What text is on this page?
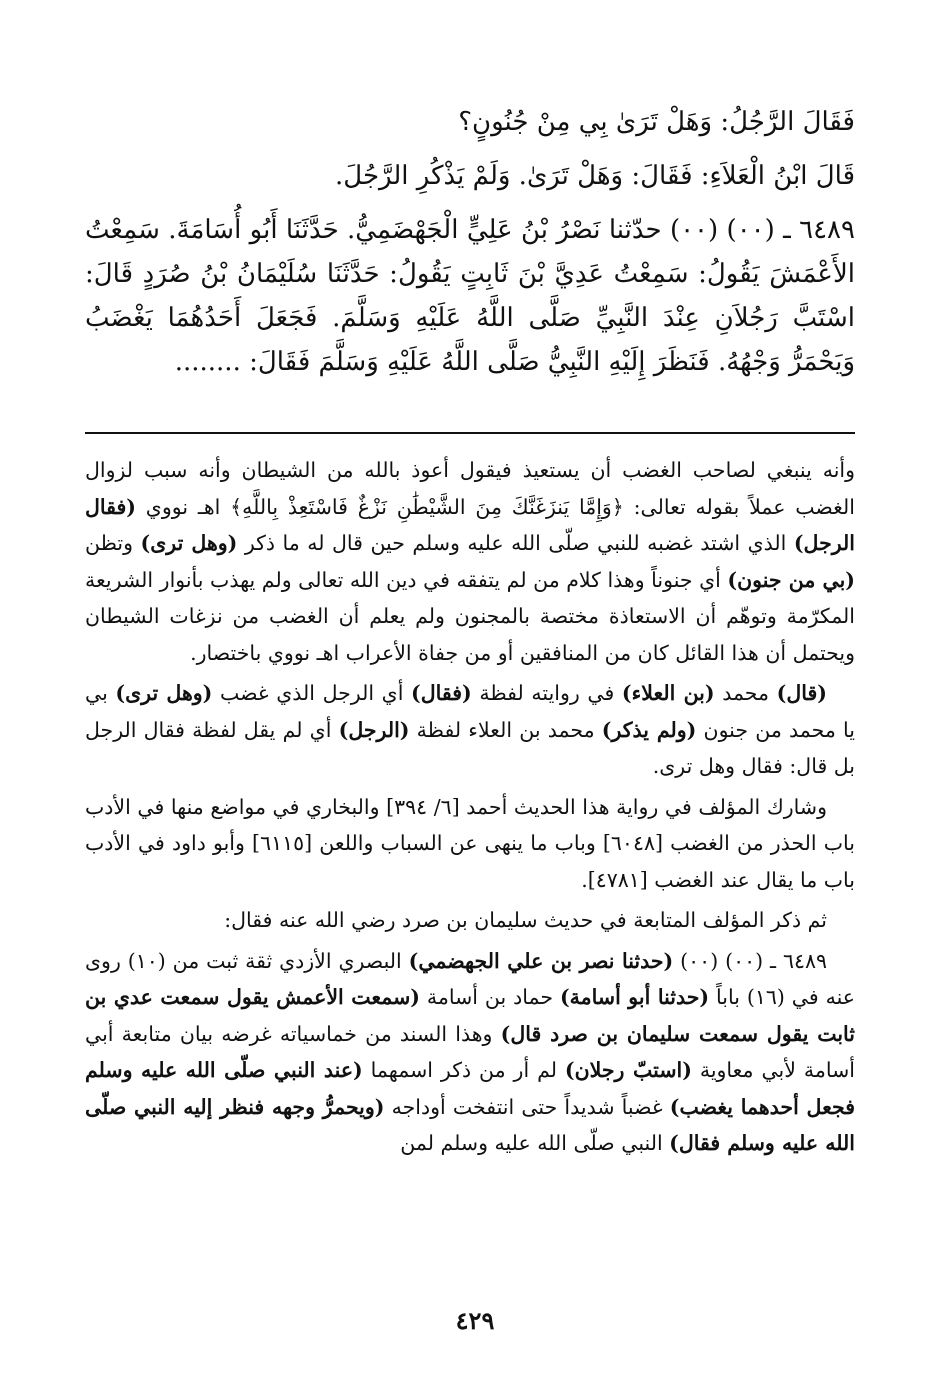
فَقَالَ الرَّجُلُ: وَهَلْ تَرَىٰ بِي مِنْ جُنُونٍ؟

قَالَ ابْنُ الْعَلاَءِ: فَقَالَ: وَهَلْ تَرَىٰ. وَلَمْ يَذْكُرِ الرَّجُلَ.

٦٤٨٩ ـ (٠٠) (٠٠) حدّثنا نَصْرُ بْنُ عَلِيٍّ الْجَهْضَمِيُّ. حَدَّثَنَا أَبُو أُسَامَةَ. سَمِعْتُ الأَعْمَشَ يَقُولُ: سَمِعْتُ عَدِيَّ بْنَ ثَابِتٍ يَقُولُ: حَدَّثَنَا سُلَيْمَانُ بْنُ صُرَدٍ قَالَ: اسْتَبَّ رَجُلاَنِ عِنْدَ النَّبِيِّ صَلَّى اللَّهُ عَلَيْهِ وَسَلَّمَ. فَجَعَلَ أَحَدُهُمَا يَغْضَبُ وَيَحْمَرُّ وَجْهُهُ. فَنَظَرَ إِلَيْهِ النَّبِيُّ صَلَّى اللَّهُ عَلَيْهِ وَسَلَّمَ فَقَالَ: ........

وأنه ينبغي لصاحب الغضب أن يستعيذ فيقول أعوذ بالله من الشيطان وأنه سبب لزوال الغضب عملاً بقوله تعالى: ﴿وَإِمَّا يَنزَغَنَّكَ مِنَ الشَّيْطَٰنِ نَزْغٌ فَاسْتَعِذْ بِاللَّهِ﴾ اهـ نووي (فقال الرجل) الذي اشتد غضبه للنبي صلّى الله عليه وسلم حين قال له ما ذكر (وهل ترى) وتظن (بي من جنون) أي جنوناً وهذا كلام من لم يتفقه في دين الله تعالى ولم يهذب بأنوار الشريعة المكرّمة وتوهّم أن الاستعاذة مختصة بالمجنون ولم يعلم أن الغضب من نزغات الشيطان ويحتمل أن هذا القائل كان من المنافقين أو من جفاة الأعراب اهـ نووي باختصار.

(قال) محمد (بن العلاء) في روايته لفظة (فقال) أي الرجل الذي غضب (وهل ترى) بي يا محمد من جنون (ولم يذكر) محمد بن العلاء لفظة (الرجل) أي لم يقل لفظة فقال الرجل بل قال: فقال وهل ترى.

وشارك المؤلف في رواية هذا الحديث أحمد [٦/ ٣٩٤] والبخاري في مواضع منها في الأدب باب الحذر من الغضب [٦٠٤٨] وباب ما ينهى عن السباب واللعن [٦١١٥] وأبو داود في الأدب باب ما يقال عند الغضب [٤٧٨١].

ثم ذكر المؤلف المتابعة في حديث سليمان بن صرد رضي الله عنه فقال:

٦٤٨٩ ـ (٠٠) (٠٠) (حدثنا نصر بن علي الجهضمي) البصري الأزدي ثقة ثبت من (١٠) روى عنه في (١٦) باباً (حدثنا أبو أسامة) حماد بن أسامة (سمعت الأعمش يقول سمعت عدي بن ثابت يقول سمعت سليمان بن صرد قال) وهذا السند من خماسياته غرضه بيان متابعة أبي أسامة لأبي معاوية (استبّ رجلان) لم أر من ذكر اسمهما (عند النبي صلّى الله عليه وسلم فجعل أحدهما يغضب) غضباً شديداً حتى انتفخت أوداجه (ويحمرُّ وجهه فنظر إليه النبي صلّى الله عليه وسلم فقال) النبي صلّى الله عليه وسلم لمن

٤٢٩
